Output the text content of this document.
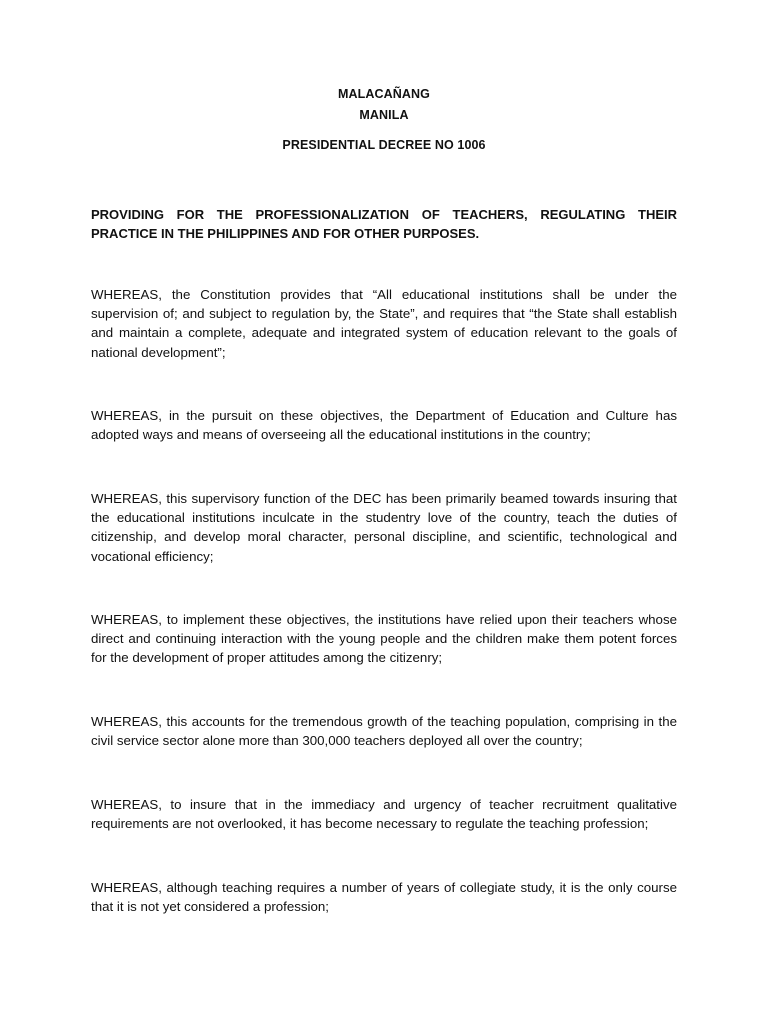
MALACAÑANG
MANILA
PRESIDENTIAL DECREE NO 1006
PROVIDING FOR THE PROFESSIONALIZATION OF TEACHERS, REGULATING THEIR PRACTICE IN THE PHILIPPINES AND FOR OTHER PURPOSES.
WHEREAS, the Constitution provides that “All educational institutions shall be under the supervision of; and subject to regulation by, the State”, and requires that “the State shall establish and maintain a complete, adequate and integrated system of education relevant to the goals of national development”;
WHEREAS, in the pursuit on these objectives, the Department of Education and Culture has adopted ways and means of overseeing all the educational institutions in the country;
WHEREAS, this supervisory function of the DEC has been primarily beamed towards insuring that the educational institutions inculcate in the studentry love of the country, teach the duties of citizenship, and develop moral character, personal discipline, and scientific, technological and vocational efficiency;
WHEREAS, to implement these objectives, the institutions have relied upon their teachers whose direct and continuing interaction with the young people and the children make them potent forces for the development of proper attitudes among the citizenry;
WHEREAS, this accounts for the tremendous growth of the teaching population, comprising in the civil service sector alone more than 300,000 teachers deployed all over the country;
WHEREAS, to insure that in the immediacy and urgency of teacher recruitment qualitative requirements are not overlooked, it has become necessary to regulate the teaching profession;
WHEREAS, although teaching requires a number of years of collegiate study, it is the only course that it is not yet considered a profession;
